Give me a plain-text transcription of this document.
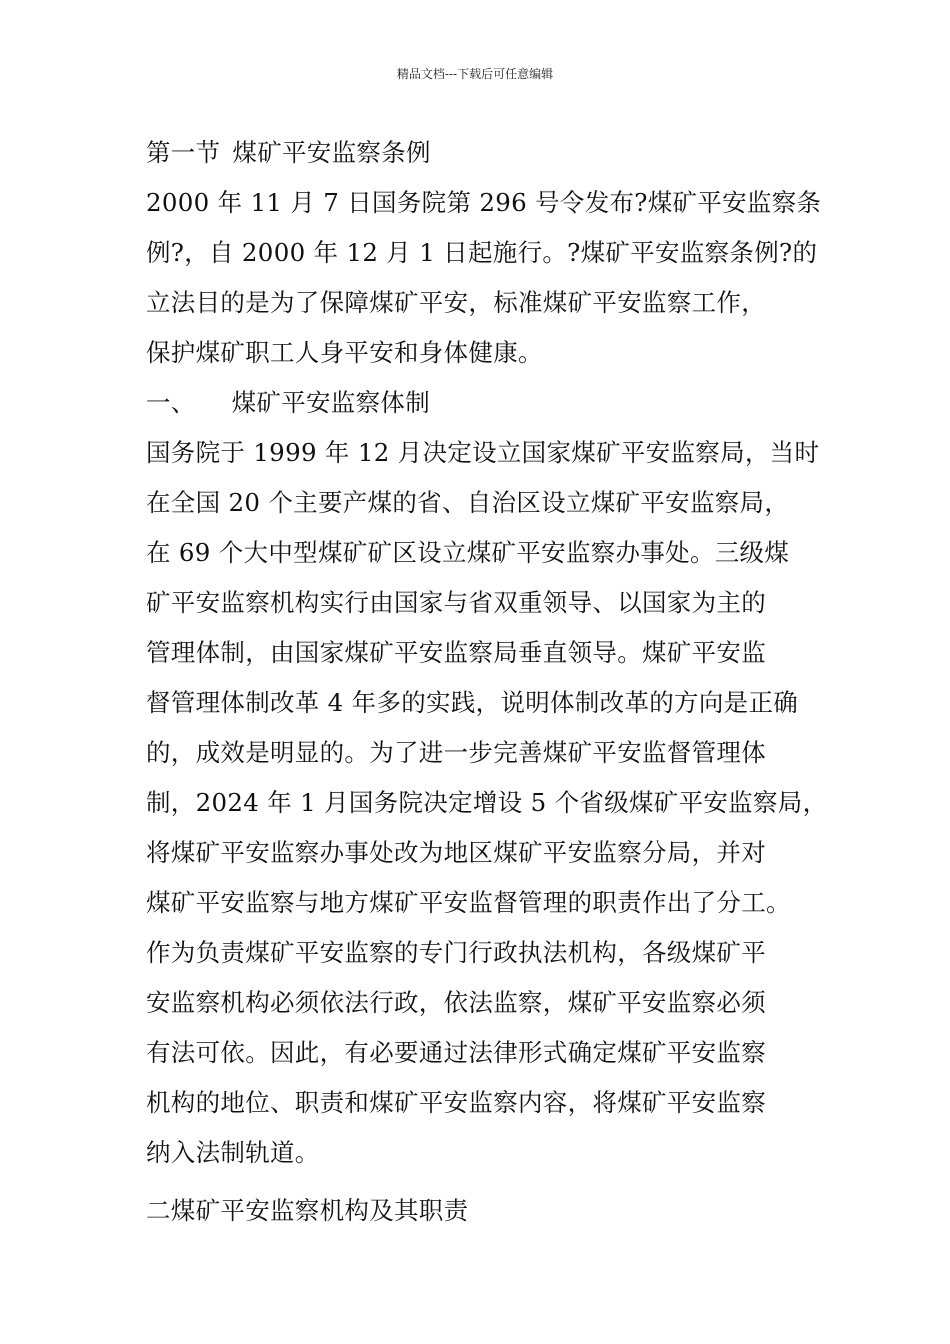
精品文档---下载后可任意编辑
第一节 煤矿平安监察条例
2000 年 11 月 7 日国务院第 296 号令发布?煤矿平安监察条
例?，自 2000 年 12 月 1 日起施行。?煤矿平安监察条例?的
立法目的是为了保障煤矿平安，标准煤矿平安监察工作，
保护煤矿职工人身平安和身体健康。
一、 煤矿平安监察体制
国务院于 1999 年 12 月决定设立国家煤矿平安监察局，当时
在全国 20 个主要产煤的省、自治区设立煤矿平安监察局，
在 69 个大中型煤矿矿区设立煤矿平安监察办事处。三级煤
矿平安监察机构实行由国家与省双重领导、以国家为主的
管理体制，由国家煤矿平安监察局垂直领导。煤矿平安监
督管理体制改革 4 年多的实践，说明体制改革的方向是正确
的，成效是明显的。为了进一步完善煤矿平安监督管理体
制，2024 年 1 月国务院决定增设 5 个省级煤矿平安监察局，
将煤矿平安监察办事处改为地区煤矿平安监察分局，并对
煤矿平安监察与地方煤矿平安监督管理的职责作出了分工。
作为负责煤矿平安监察的专门行政执法机构，各级煤矿平
安监察机构必须依法行政，依法监察，煤矿平安监察必须
有法可依。因此，有必要通过法律形式确定煤矿平安监察
机构的地位、职责和煤矿平安监察内容，将煤矿平安监察
纳入法制轨道。
二煤矿平安监察机构及其职责
